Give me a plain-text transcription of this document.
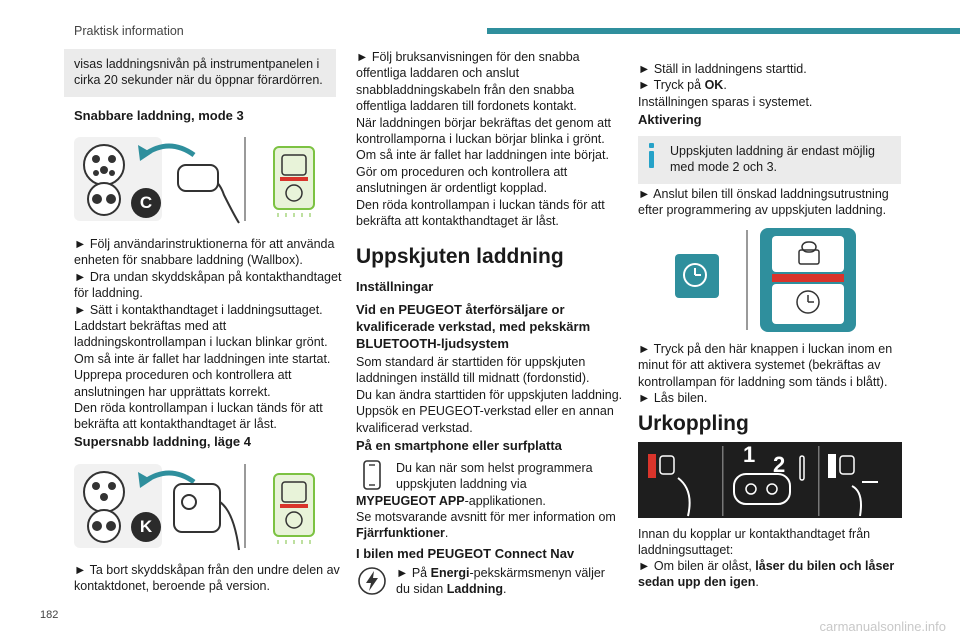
Praktisk information
visas laddningsnivån på instrumentpanelen i cirka 20 sekunder när du öppnar förardörren.
Snabbare laddning, mode 3
C

► Följ användarinstruktionerna för att använda enheten för snabbare laddning (Wallbox).

► Dra undan skyddskåpan på kontakthandtaget för laddning.

► Sätt i kontakthandtaget i laddningsuttaget.

Laddstart bekräftas med att laddningskontrollampan i luckan blinkar grönt.

Om så inte är fallet har laddningen inte startat. Upprepa proceduren och kontrollera att anslutningen har upprättats korrekt.

Den röda kontrollampan i luckan tänds för att bekräfta att kontakthandtaget är låst.

Supersnabb laddning, läge 4
K

► Ta bort skyddskåpan från den undre delen av kontaktdonet, beroende på version.

► Följ bruksanvisningen för den snabba offentliga laddaren och anslut snabbladdningskabeln från den snabba offentliga laddaren till fordonets kontakt.

När laddningen börjar bekräftas det genom att kontrollamporna i luckan börjar blinka i grönt.

Om så inte är fallet har laddningen inte börjat. Gör om proceduren och kontrollera att anslutningen är ordentligt kopplad.

Den röda kontrollampan i luckan tänds för att bekräfta att kontakthandtaget är låst.

Uppskjuten laddning
Inställningar
Vid en PEUGEOT återförsäljare or kvalificerade verkstad, med pekskärm BLUETOOTH-ljudsystem

Som standard är starttiden för uppskjuten laddningen inställd till midnatt (fordonstid).

Du kan ändra starttiden för uppskjuten laddning. Uppsök en PEUGEOT-verkstad eller en annan kvalificerad verkstad.

På en smartphone eller surfplatta

Du kan när som helst programmera uppskjuten laddning via

MYPEUGEOT APP-applikationen.

Se motsvarande avsnitt för mer information om Fjärrfunktioner.

I bilen med PEUGEOT Connect Nav

► På Energi-pekskärmsmenyn väljer du sidan Laddning.

► Ställ in laddningens starttid.

► Tryck på OK.

Inställningen sparas i systemet.

Aktivering
Uppskjuten laddning är endast möjlig med mode 2 och 3.

► Anslut bilen till önskad laddningsutrustning efter programmering av uppskjuten laddning.

► Tryck på den här knappen i luckan inom en minut för att aktivera systemet (bekräftas av kontrollampan för laddning som tänds i blått).

► Lås bilen.

Urkoppling
1 2

Innan du kopplar ur kontakthandtaget från laddningsuttaget:

► Om bilen är olåst, låser du bilen och låser sedan upp den igen.

182
carmanualsonline.info
